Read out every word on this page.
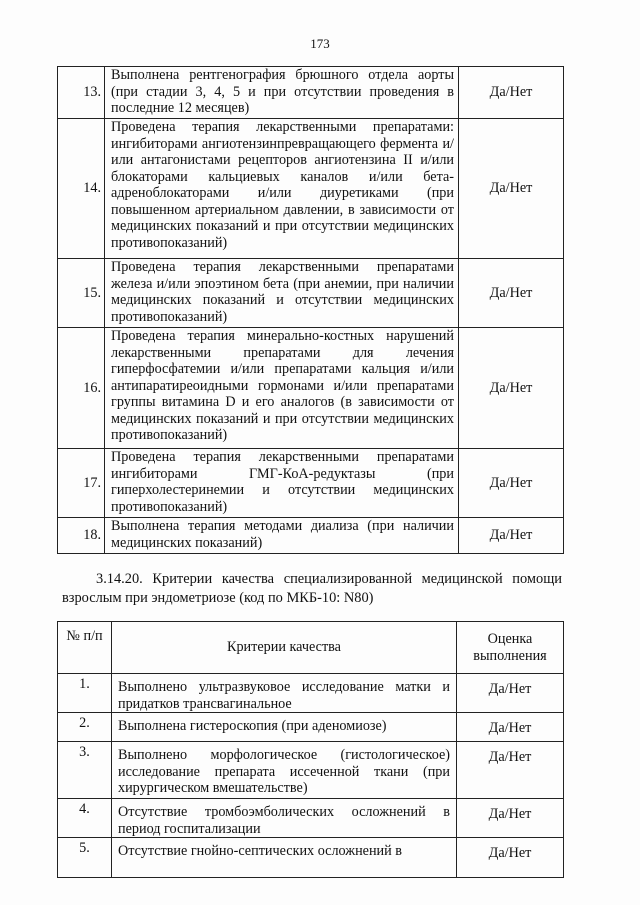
173
13.	Выполнена рентгенография брюшного отдела аорты (при стадии 3, 4, 5 и при отсутствии проведения в последние 12 месяцев)	Да/Нет
14.	Проведена терапия лекарственными препаратами: ингибиторами ангиотензинпревращающего фермента и/или антагонистами рецепторов ангиотензина II и/или блокаторами кальциевых каналов и/или бета-адреноблокаторами и/или диуретиками (при повышенном артериальном давлении, в зависимости от медицинских показаний и при отсутствии медицинских противопоказаний)	Да/Нет
15.	Проведена терапия лекарственными препаратами железа и/или эпоэтином бета (при анемии, при наличии медицинских показаний и отсутствии медицинских противопоказаний)	Да/Нет
16.	Проведена терапия минерально-костных нарушений лекарственными препаратами для лечения гиперфосфатемии и/или препаратами кальция и/или антипаратиреоидными гормонами и/или препаратами группы витамина D и его аналогов (в зависимости от медицинских показаний и при отсутствии медицинских противопоказаний)	Да/Нет
17.	Проведена терапия лекарственными препаратами ингибиторами ГМГ-КоА-редуктазы (при гиперхолестеринемии и отсутствии медицинских противопоказаний)	Да/Нет
18.	Выполнена терапия методами диализа (при наличии медицинских показаний)	Да/Нет
3.14.20. Критерии качества специализированной медицинской помощи взрослым при эндометриозе (код по МКБ-10: N80)
№ п/п	Критерии качества	Оценка выполнения
1.	Выполнено ультразвуковое исследование матки и придатков трансвагинальное	Да/Нет
2.	Выполнена гистероскопия (при аденомиозе)	Да/Нет
3.	Выполнено морфологическое (гистологическое) исследование препарата иссеченной ткани (при хирургическом вмешательстве)	Да/Нет
4.	Отсутствие тромбоэмболических осложнений в период госпитализации	Да/Нет
5.	Отсутствие гнойно-септических осложнений в	Да/Нет
